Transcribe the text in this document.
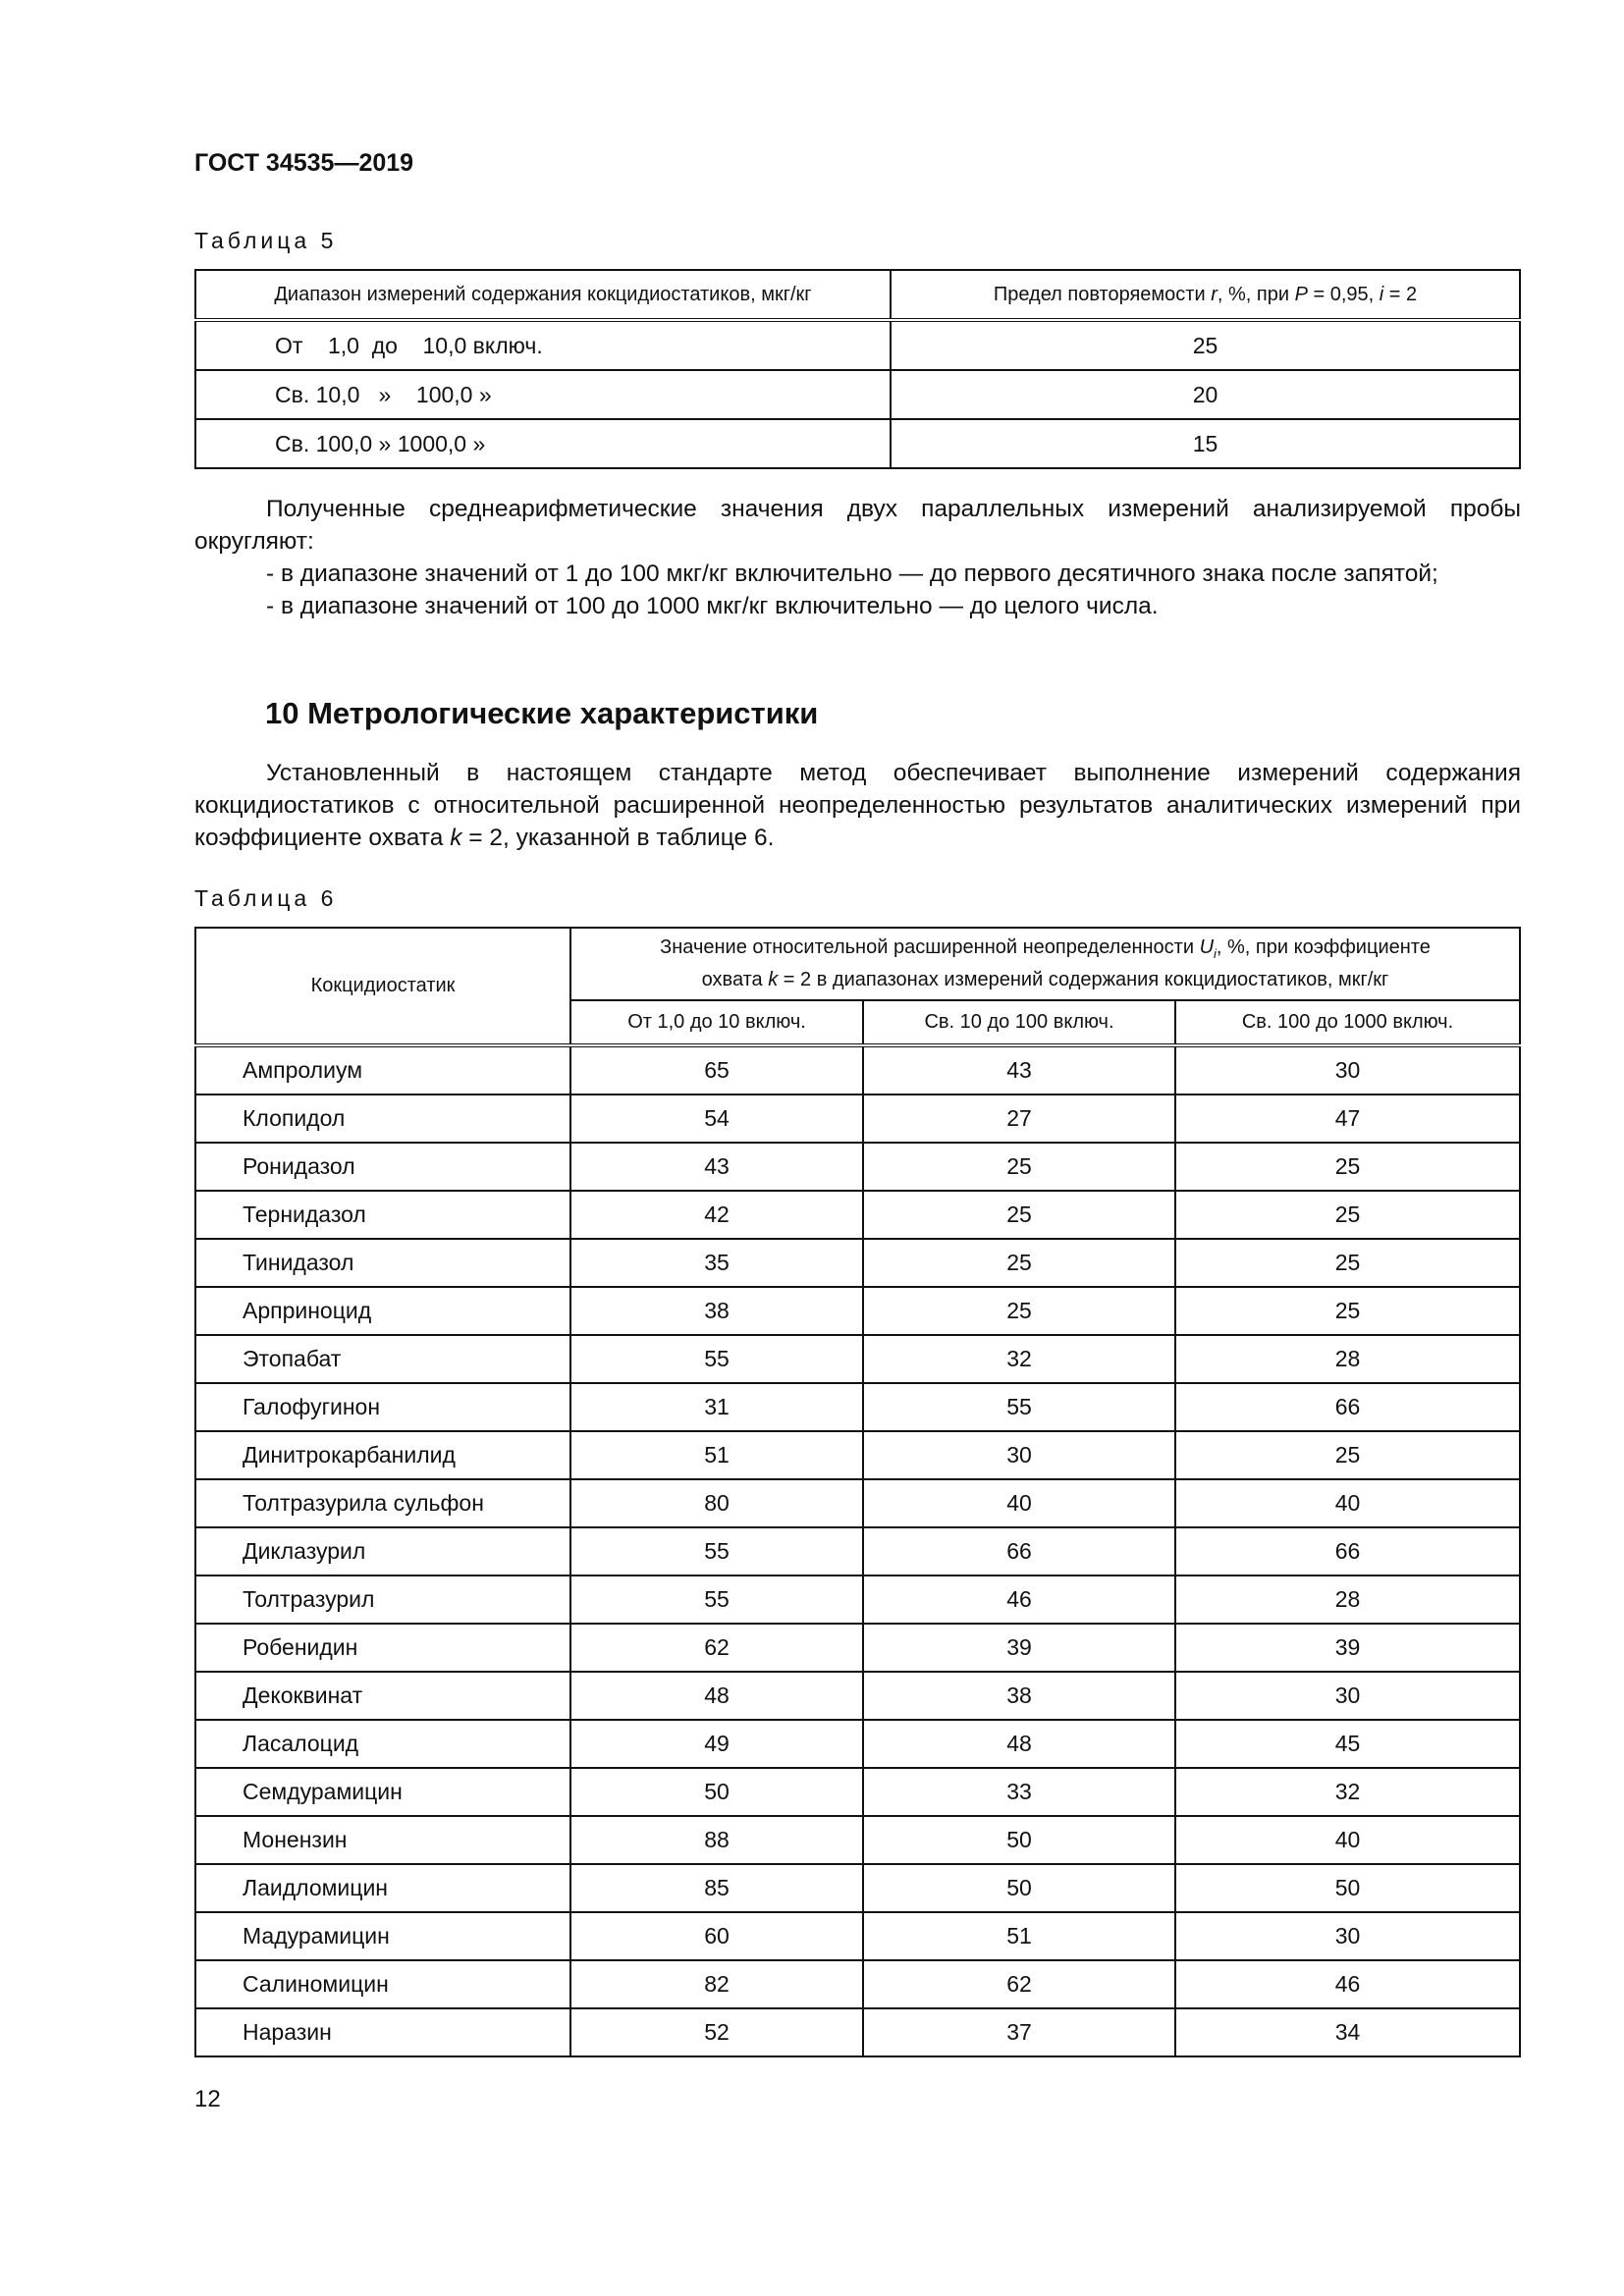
ГОСТ 34535—2019
Таблица 5
Диапазон измерений содержания кокцидиостатиков, мкг/кг	Предел повторяемости r, %, при P = 0,95, i = 2
От    1,0  до    10,0 включ.	25
Св. 10,0   »    100,0 »	20
Св. 100,0 » 1000,0 »	15

Полученные среднеарифметические значения двух параллельных измерений анализируемой пробы округляют:

- в диапазоне значений от 1 до 100 мкг/кг включительно — до первого десятичного знака после запятой;

- в диапазоне значений от 100 до 1000 мкг/кг включительно — до целого числа.

10 Метрологические характеристики

Установленный в настоящем стандарте метод обеспечивает выполнение измерений содержания кокцидиостатиков с относительной расширенной неопределенностью результатов аналитических измерений при коэффициенте охвата k = 2, указанной в таблице 6.

Таблица 6
Кокцидиостатик	Значение относительной расширенной неопределенности $U_i$, %, при коэффициенте
охвата k = 2 в диапазонах измерений содержания кокцидиостатиков, мкг/кг		
	От 1,0 до 10 включ.	Св. 10 до 100 включ.	Св. 100 до 1000 включ.
Ампролиум	65	43	30
Клопидол	54	27	47
Ронидазол	43	25	25
Тернидазол	42	25	25
Тинидазол	35	25	25
Арприноцид	38	25	25
Этопабат	55	32	28
Галофугинон	31	55	66
Динитрокарбанилид	51	30	25
Толтразурила сульфон	80	40	40
Диклазурил	55	66	66
Толтразурил	55	46	28
Робенидин	62	39	39
Декоквинат	48	38	30
Ласалоцид	49	48	45
Семдурамицин	50	33	32
Монензин	88	50	40
Лаидломицин	85	50	50
Мадурамицин	60	51	30
Салиномицин	82	62	46
Наразин	52	37	34
12
